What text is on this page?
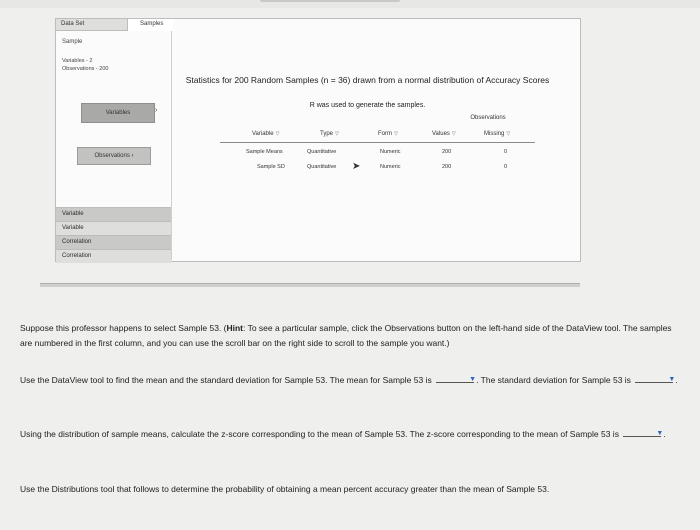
Data Set	Samples
Sample
Variables - 2
Observations - 200
Variables	›
Observations ›
Variable
Variable
Correlation
Correlation
Statistics for 200 Random Samples (n = 36) drawn from a normal distribution of Accuracy Scores
R was used to generate the samples.
Observations
Variable ▽	Type ▽	Form ▽	Values ▽	Missing ▽
Sample Means	Quantitative	Numeric	200	0
Sample SD	Quantitative	Numeric	200	0
➤
Suppose this professor happens to select Sample 53. (Hint: To see a particular sample, click the Observations button on the left-hand side of the DataView tool. The samples are numbered in the first column, and you can use the scroll bar on the right side to scroll to the sample you want.)
Use the DataView tool to find the mean and the standard deviation for Sample 53. The mean for Sample 53 is	▼ . The standard deviation for Sample 53 is	▼ .
Using the distribution of sample means, calculate the z-score corresponding to the mean of Sample 53. The z-score corresponding to the mean of Sample 53 is	▼ .
Use the Distributions tool that follows to determine the probability of obtaining a mean percent accuracy greater than the mean of Sample 53.
